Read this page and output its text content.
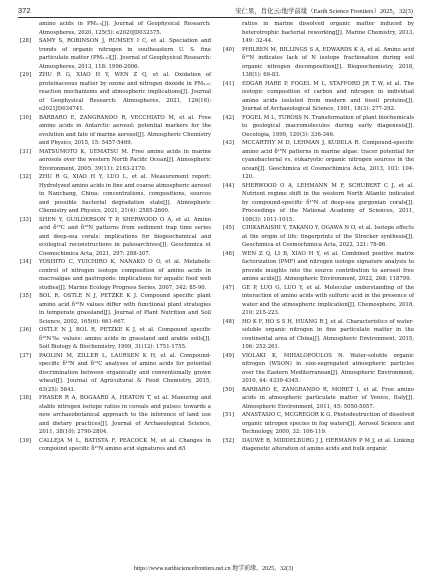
372	宋仁果，肖化云/地学前缘（Earth Science Frontiers）2025，32(3)
amino acids in PM₂.₅[J]. Journal of Geophysical Research: Atmospheres, 2020, 125(5): e2020JD032375.
[28]	SAMY S, ROBINSON J, RUMSEY I C, et al. Speciation and trends of organic nitrogen in southeastern U. S. fine particulate matter (PM₂.₅)[J]. Journal of Geophysical Research: Atmospheres, 2013, 118: 1996-2006.
[29]	ZHU R G, XIAO H Y, WEN Z Q, et al. Oxidation of proteinaceous matter by ozone and nitrogen dioxide in PM₂.₅: reaction mechanisms and atmospheric implications[J]. Journal of Geophysical Research: Atmospheres, 2021, 126(16): e2021JD034741.
[30]	BARBARO E, ZANGRANDO R, VECCHIATO M, et al. Free amino acids in Antarctic aerosol: potential markers for the evolution and fate of marine aerosol[J]. Atmospheric Chemistry and Physics, 2015, 15: 5457-5469.
[31]	MATSUMOTO K, UEMATSU M. Free amino acids in marine aerosols over the western North Pacific Ocean[J]. Atmospheric Environment, 2005, 39(11): 2163-2170.
[32]	ZHU R G, XIAO H Y, LUO L, et al. Measurement report: Hydrolyzed amino acids in fine and coarse atmospheric aerosol in Nanchang, China: concentrations, compositions, sources and possible bacterial degradation state[J]. Atmospheric Chemistry and Physics, 2021, 21(4): 2585-2600.
[33]	SHEN Y, GUILDERSON T P, SHERWOOD O A, et al. Amino acid δ¹³C and δ¹⁵N patterns from sediment trap time series and deep-sea corals: implications for biogeochemical and ecological reconstructions in paleoarchives[J]. Geochimica et Cosmochimica Acta, 2021, 297: 288-307.
[34]	YOSHITO C, YUICHIRO K, NANAKO O O, et al. Metabolic control of nitrogen isotope composition of amino acids in macroalgae and gastropods: implications for aquatic food web studies[J]. Marine Ecology Progress Series, 2007, 342: 85-90.
[35]	BOL R, OSTLE N J, PETZKE K J. Compound specific plant amino acid δ¹⁵N values differ with functional plant strategies in temperate grassland[J]. Journal of Plant Nutrition and Soil Science, 2002, 165(6): 661-667.
[36]	OSTLE N J, BOL R, PETZKE K J, et al. Compound specific δ¹⁵N‰ values: amino acids in grassland and arable soils[J]. Soil Biology & Biochemistry, 1999, 31(12): 1751-1755.
[37]	PAOLINI M, ZILLER L, LAURSEN K H, et al. Compound-specific δ¹⁵N and δ¹³C analyses of amino acids for potential discrimination between organically and conventionally grown wheat[J]. Journal of Agricultural & Food Chemistry, 2015, 63(25): 5841.
[38]	FRASER R A, BOGAARD A, HEATON T, et al. Manuring and stable nitrogen isotope ratios in cereals and pulses: towards a new archaeobotanical approach to the inference of land use and dietary practices[J]. Journal of Archaeological Science, 2011, 38(10): 2790-2804.
[39]	CALLEJA M L, BATISTA F, PEACOCK M, et al. Changes in compound specific δ¹⁵N amino acid signatures and d/l
ratios in marine dissolved organic matter induced by heterotrophic bacterial reworking[J]. Marine Chemistry, 2013, 149: 32-44.
[40]	PHILBEN M, BILLINGS S A, EDWARDS K A, et al. Amino acid δ¹⁵N indicates lack of N isotope fractionation during soil organic nitrogen decomposition[J]. Biogeochemistry, 2018, 138(1): 69-83.
[41]	EDGAR HARE P, FOGEL M L, STAFFORD JR T W, et al. The isotopic composition of carbon and nitrogen in individual amino acids isolated from modern and fossil proteins[J]. Journal of Archaeological Science, 1991, 18(3): 277-292.
[42]	FOGEL M L, TUROSS N. Transformation of plant biochemicals to geological macromolecules during early diagenesis[J]. Oecologia, 1999, 120(3): 336-346.
[43]	MCCARTHY M D, LEHMAN J, KUDELA R. Compound-specific amino acid δ¹⁵N patterns in marine algae: tracer potential for cyanobacterial vs. eukaryotic organic nitrogen sources in the ocean[J]. Geochimica et Cosmochimica Acta, 2013, 103: 104-120.
[44]	SHERWOOD O A, LEHMANN M F, SCHUBERT C J, et al. Nutrient regime shift in the western North Atlantic indicated by compound-specific δ¹⁵N of deep-sea gorgonian corals[J]. Proceedings of the National Academy of Sciences, 2011, 108(3): 1011-1015.
[45]	CHIKARAISHI Y, TAKANO Y, OGAWA N O, et al. Isotope effects at the origin of life: fingerprints of the Strecker synthesis[J]. Geochimica et Cosmochimica Acta, 2022, 321: 78-86.
[46]	WEN Z Q, LI B, XIAO H Y, et al. Combined positive matrix factorization (PMF) and nitrogen isotope signature analysis to provide insights into the source contribution to aerosol free amino acids[J]. Atmospheric Environment, 2022, 268: 118799.
[47]	GE P, LUO G, LUO Y, et al. Molecular understanding of the interaction of amino acids with sulfuric acid in the presence of water and the atmospheric implication[J]. Chemosphere, 2018, 210: 215-223.
[48]	HO K F, HO S S H, HUANG R J, et al. Characteristics of water-soluble organic nitrogen in fine particulate matter in the continental area of China[J]. Atmospheric Environment, 2015, 106: 252-261.
[49]	VIOLAKI K, MIHALOPOULOS N. Water-soluble organic nitrogen (WSON) in size-segregated atmospheric particles over the Eastern Mediterranean[J]. Atmospheric Environment, 2010, 44: 4339-4345.
[50]	BARBARO E, ZANGRANDO R, MORET I, et al. Free amino acids in atmospheric particulate matter of Venice, Italy[J]. Atmospheric Environment, 2011, 45: 5050-5057.
[51]	ANASTASIO C, MCGREGOR K G. Photodestruction of dissolved organic nitrogen species in fog waters[J]. Aerosol Science and Technology, 2000, 32: 106-119.
[52]	DAUWE B, MIDDELBURG J J, HERMANN P M J, et al. Linking diagenetic alteration of amino acids and bulk organic
https://www.earthsciencefrontiers.net.cn 地学前缘，2025，32(3)
